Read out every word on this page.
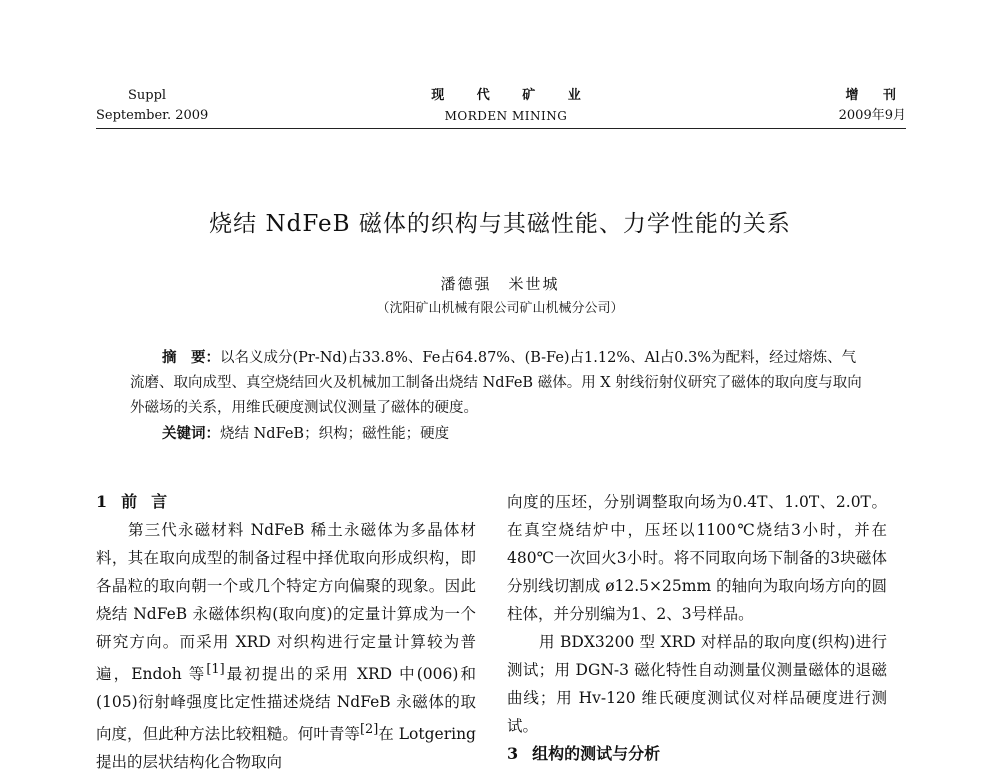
Suppl
September. 2009
现 代 矿 业
MORDEN MINING
增 刊
2009年9月
烧结 NdFeB 磁体的织构与其磁性能、力学性能的关系
潘德强　米世城
（沈阳矿山机械有限公司矿山机械分公司）

摘　要：以名义成分(Pr-Nd)占33.8%、Fe占64.87%、(B-Fe)占1.12%、Al占0.3%为配料，经过熔炼、气流磨、取向成型、真空烧结回火及机械加工制备出烧结 NdFeB 磁体。用 X 射线衍射仪研究了磁体的取向度与取向外磁场的关系，用维氏硬度测试仪测量了磁体的硬度。

关键词：烧结 NdFeB；织构；磁性能；硬度

1 前言

第三代永磁材料 NdFeB 稀土永磁体为多晶体材料，其在取向成型的制备过程中择优取向形成织构，即各晶粒的取向朝一个或几个特定方向偏聚的现象。因此烧结 NdFeB 永磁体织构(取向度)的定量计算成为一个研究方向。而采用 XRD 对织构进行定量计算较为普遍，Endoh 等[1]最初提出的采用 XRD 中(006)和(105)衍射峰强度比定性描述烧结 NdFeB 永磁体的取向度，但此种方法比较粗糙。何叶青等[2]在 Lotgering 提出的层状结构化合物取向

向度的压坯，分别调整取向场为0.4T、1.0T、2.0T。在真空烧结炉中，压坯以1100℃烧结3小时，并在480℃一次回火3小时。将不同取向场下制备的3块磁体分别线切割成 ø12.5×25mm 的轴向为取向场方向的圆柱体，并分别编为1、2、3号样品。

用 BDX3200 型 XRD 对样品的取向度(织构)进行测试；用 DGN-3 磁化特性自动测量仪测量磁体的退磁曲线；用 Hv-120 维氏硬度测试仪对样品硬度进行测试。

3 组构的测试与分析
